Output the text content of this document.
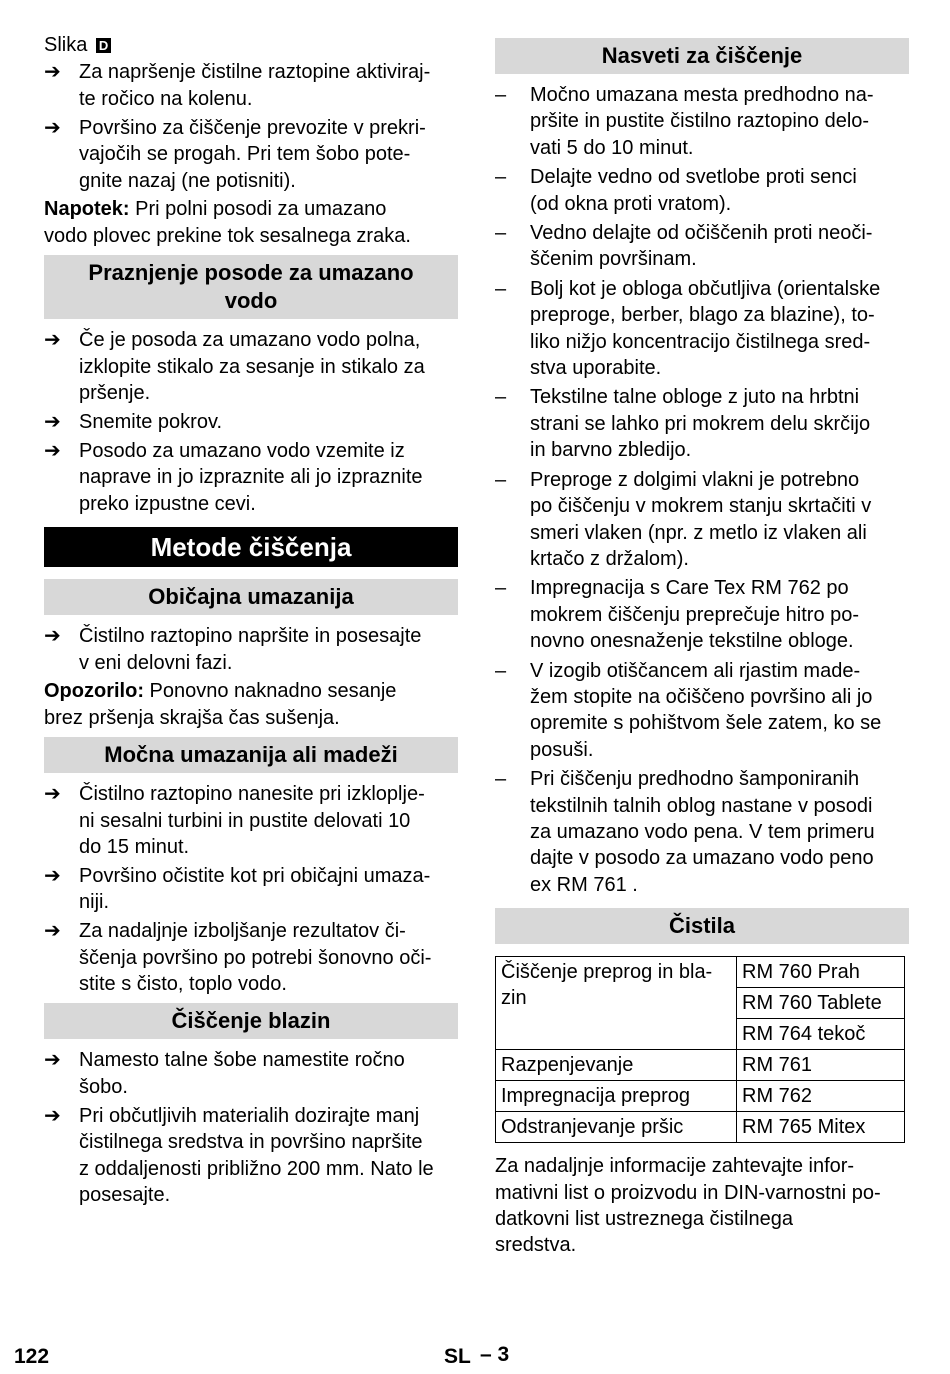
Slika D
➔ Za napršenje čistilne raztopine aktiviraj-
te ročico na kolenu.
➔ Površino za čiščenje prevozite v prekri-
vajočih se progah. Pri tem šobo pote-
gnite nazaj (ne potisniti).
Napotek: Pri polni posodi za umazano
vodo plovec prekine tok sesalnega zraka.
Praznjenje posode za umazano
vodo
➔ Če je posoda za umazano vodo polna,
izklopite stikalo za sesanje in stikalo za
pršenje.
➔ Snemite pokrov.
➔ Posodo za umazano vodo vzemite iz
naprave in jo izpraznite ali jo izpraznite
preko izpustne cevi.
Metode čiščenja
Običajna umazanija
➔ Čistilno raztopino napršite in posesajte
v eni delovni fazi.
Opozorilo: Ponovno naknadno sesanje
brez pršenja skrajša čas sušenja.
Močna umazanija ali madeži
➔ Čistilno raztopino nanesite pri izklopljе-
ni sesalni turbini in pustite delovati 10
do 15 minut.
➔ Površino očistite kot pri običajni umaza-
niji.
➔ Za nadaljnje izboljšanje rezultatov či-
ščenja površino po potrebi šonovno oči-
stite s čisto, toplo vodo.
Čiščenje blazin
➔ Namesto talne šobe namestite ročno
šobo.
➔ Pri občutljivih materialih dozirajte manj
čistilnega sredstva in površino napršite
z oddaljenosti približno 200 mm. Nato le
posesajte.
Nasveti za čiščenje
– Močno umazana mesta predhodno na-
pršite in pustite čistilno raztopino delo-
vati 5 do 10 minut.
– Delajte vedno od svetlobe proti senci
(od okna proti vratom).
– Vedno delajte od očiščenih proti neoči-
ščenim površinam.
– Bolj kot je obloga občutljiva (orientalske
preproge, berber, blago za blazine), to-
liko nižjo koncentracijo čistilnega sred-
stva uporabite.
– Tekstilne talne obloge z juto na hrbtni
strani se lahko pri mokrem delu skrčijo
in barvno zbledijo.
– Preproge z dolgimi vlakni je potrebno
po čiščenju v mokrem stanju skrtačiti v
smeri vlaken (npr. z metlo iz vlaken ali
krtačo z držalom).
– Impregnacija s Care Tex RM 762 po
mokrem čiščenju preprečuje hitro po-
novno onesnaženje tekstilne obloge.
– V izogib otiščancem ali rjastim made-
žem stopite na očiščeno površino ali jo
opremite s pohištvom šele zatem, ko se
posuši.
– Pri čiščenju predhodno šamponiranih
tekstilnih talnih oblog nastane v posodi
za umazano vodo pena. V tem primeru
dajte v posodo za umazano vodo peno
ex RM 761 .
Čistila
Čiščenje preprog in bla-
zin	RM 760 Prah
	RM 760 Tablete
	RM 764 tekoč
Razpenjevanje	RM 761
Impregnacija preprog	RM 762
Odstranjevanje pršic	RM 765 Mitex
Za nadaljnje informacije zahtevajte infor-
mativni list o proizvodu in DIN-varnostni po-
datkovni list ustreznega čistilnega
sredstva.
122	SL – 3
